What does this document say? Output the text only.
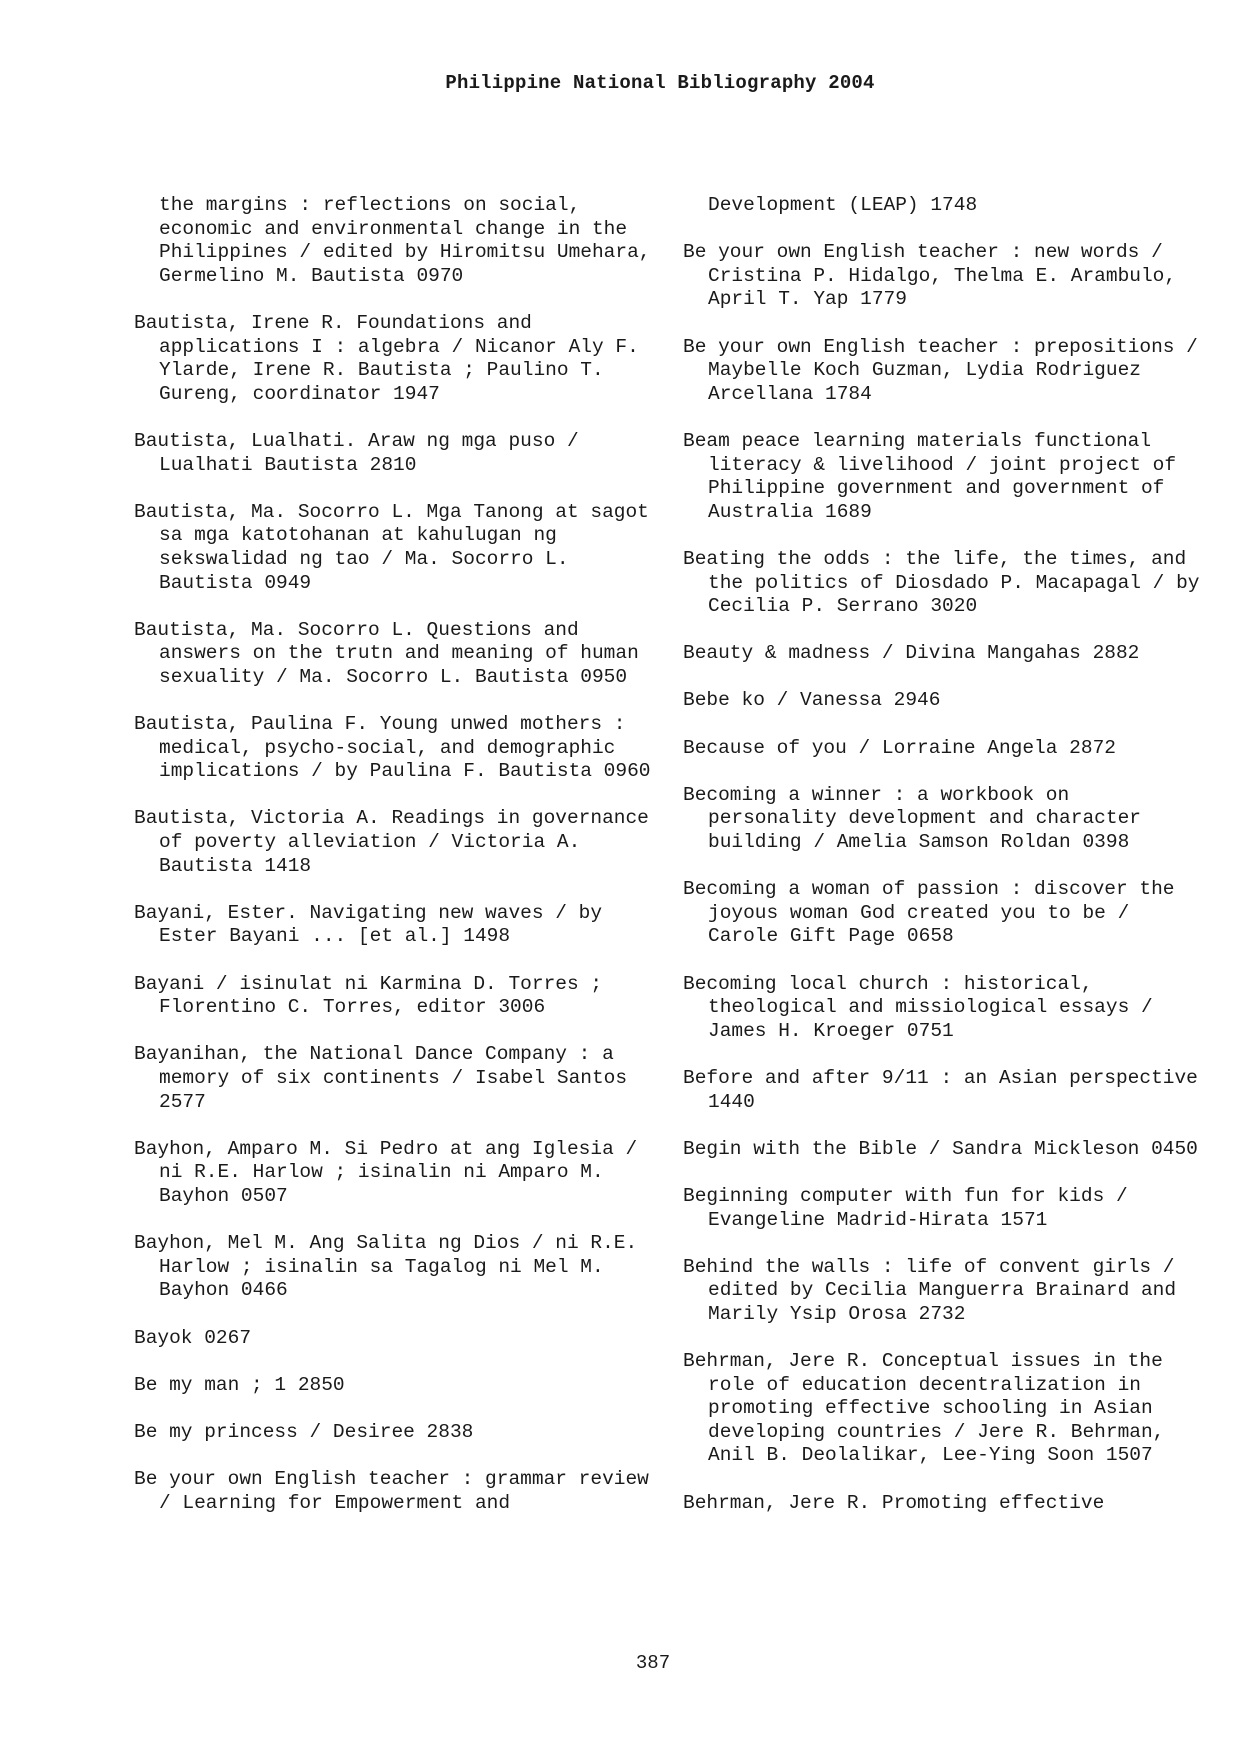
Philippine National Bibliography 2004

the margins : reflections on social, economic and environmental change in the Philippines / edited by Hiromitsu Umehara, Germelino M. Bautista 0970

Bautista, Irene R. Foundations and applications I : algebra / Nicanor Aly F. Ylarde, Irene R. Bautista ; Paulino T. Gureng, coordinator 1947

Bautista, Lualhati. Araw ng mga puso / Lualhati Bautista 2810

Bautista, Ma. Socorro L. Mga Tanong at sagot sa mga katotohanan at kahulugan ng sekswalidad ng tao / Ma. Socorro L. Bautista 0949

Bautista, Ma. Socorro L. Questions and answers on the trutn and meaning of human sexuality / Ma. Socorro L. Bautista 0950

Bautista, Paulina F. Young unwed mothers : medical, psycho-social, and demographic implications / by Paulina F. Bautista 0960

Bautista, Victoria A. Readings in governance of poverty alleviation / Victoria A. Bautista 1418

Bayani, Ester. Navigating new waves / by Ester Bayani ... [et al.] 1498

Bayani / isinulat ni Karmina D. Torres ; Florentino C. Torres, editor 3006

Bayanihan, the National Dance Company : a memory of six continents / Isabel Santos 2577

Bayhon, Amparo M. Si Pedro at ang Iglesia / ni R.E. Harlow ; isinalin ni Amparo M. Bayhon 0507

Bayhon, Mel M. Ang Salita ng Dios / ni R.E. Harlow ; isinalin sa Tagalog ni Mel M. Bayhon 0466

Bayok 0267

Be my man ; 1 2850

Be my princess / Desiree 2838

Be your own English teacher : grammar review / Learning for Empowerment and

Development (LEAP) 1748

Be your own English teacher : new words / Cristina P. Hidalgo, Thelma E. Arambulo, April T. Yap 1779

Be your own English teacher : prepositions / Maybelle Koch Guzman, Lydia Rodriguez Arcellana 1784

Beam peace learning materials functional literacy & livelihood / joint project of Philippine government and government of Australia 1689

Beating the odds : the life, the times, and the politics of Diosdado P. Macapagal / by Cecilia P. Serrano 3020

Beauty & madness / Divina Mangahas 2882

Bebe ko / Vanessa 2946

Because of you / Lorraine Angela 2872

Becoming a winner : a workbook on personality development and character building / Amelia Samson Roldan 0398

Becoming a woman of passion : discover the joyous woman God created you to be / Carole Gift Page 0658

Becoming local church : historical, theological and missiological essays / James H. Kroeger 0751

Before and after 9/11 : an Asian perspective 1440

Begin with the Bible / Sandra Mickleson 0450

Beginning computer with fun for kids / Evangeline Madrid-Hirata 1571

Behind the walls : life of convent girls / edited by Cecilia Manguerra Brainard and Marily Ysip Orosa 2732

Behrman, Jere R. Conceptual issues in the role of education decentralization in promoting effective schooling in Asian developing countries / Jere R. Behrman, Anil B. Deolalikar, Lee-Ying Soon 1507

Behrman, Jere R. Promoting effective

387
